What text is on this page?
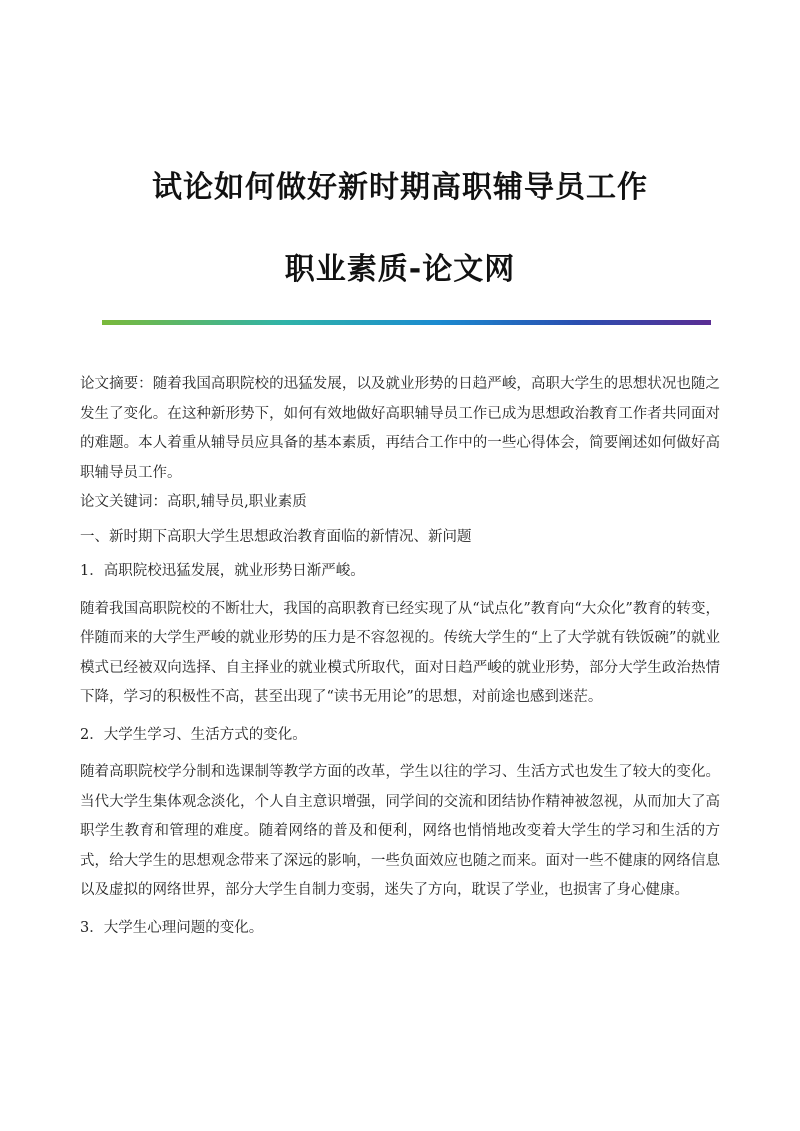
试论如何做好新时期高职辅导员工作
职业素质-论文网

论文摘要：随着我国高职院校的迅猛发展，以及就业形势的日趋严峻，高职大学生的思想状况也随之发生了变化。在这种新形势下，如何有效地做好高职辅导员工作已成为思想政治教育工作者共同面对的难题。本人着重从辅导员应具备的基本素质，再结合工作中的一些心得体会，简要阐述如何做好高职辅导员工作。

论文关键词：高职,辅导员,职业素质

一、新时期下高职大学生思想政治教育面临的新情况、新问题

1．高职院校迅猛发展，就业形势日渐严峻。

随着我国高职院校的不断壮大，我国的高职教育已经实现了从“试点化”教育向“大众化”教育的转变，伴随而来的大学生严峻的就业形势的压力是不容忽视的。传统大学生的“上了大学就有铁饭碗”的就业模式已经被双向选择、自主择业的就业模式所取代，面对日趋严峻的就业形势，部分大学生政治热情下降，学习的积极性不高，甚至出现了“读书无用论”的思想，对前途也感到迷茫。

2．大学生学习、生活方式的变化。

随着高职院校学分制和选课制等教学方面的改革，学生以往的学习、生活方式也发生了较大的变化。当代大学生集体观念淡化，个人自主意识增强，同学间的交流和团结协作精神被忽视，从而加大了高职学生教育和管理的难度。随着网络的普及和便利，网络也悄悄地改变着大学生的学习和生活的方式，给大学生的思想观念带来了深远的影响，一些负面效应也随之而来。面对一些不健康的网络信息以及虚拟的网络世界，部分大学生自制力变弱，迷失了方向，耽误了学业，也损害了身心健康。

3．大学生心理问题的变化。
